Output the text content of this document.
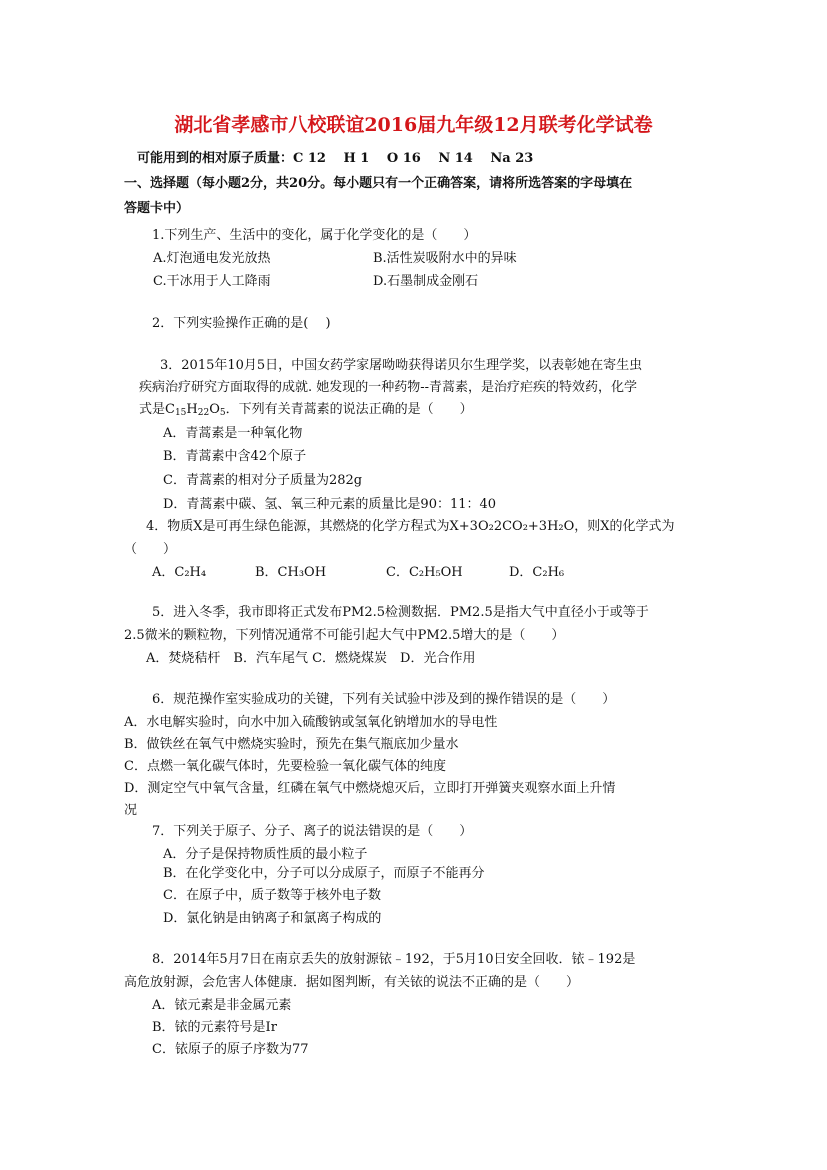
湖北省孝感市八校联谊2016届九年级12月联考化学试卷
可能用到的相对原子质量：C 12　 H 1　 O 16　 N 14　 Na 23
一、选择题（每小题2分，共20分。每小题只有一个正确答案，请将所选答案的字母填在
答题卡中）
1.下列生产、生活中的变化，属于化学变化的是（　　）
A.灯泡通电发光放热	B.活性炭吸附水中的异味
C.干冰用于人工降雨	D.石墨制成金刚石
2．下列实验操作正确的是(　 )
3．2015年10月5日，中国女药学家屠呦呦获得诺贝尔生理学奖，以表彰她在寄生虫
疾病治疗研究方面取得的成就. 她发现的一种药物--青蒿素，是治疗疟疾的特效药，化学
式是$C_{15}H_{22}O_5$．下列有关青蒿素的说法正确的是（　　）
A．青蒿素是一种氧化物
B．青蒿素中含42个原子
C．青蒿素的相对分子质量为282g
D．青蒿素中碳、氢、氧三种元素的质量比是90：11：40
4．物质X是可再生绿色能源，其燃烧的化学方程式为X+3O₂2CO₂+3H₂O，则X的化学式为
（　　）
A．C₂H₄	B．CH₃OH	C．C₂H₅OH	D．C₂H₆
5．进入冬季，我市即将正式发布PM2.5检测数据．PM2.5是指大气中直径小于或等于
2.5微米的颗粒物，下列情况通常不可能引起大气中PM2.5增大的是（　　）
A．焚烧秸杆　B．汽车尾气 C．燃烧煤炭　D．光合作用
6．规范操作室实验成功的关键，下列有关试验中涉及到的操作错误的是（　　）
A．水电解实验时，向水中加入硫酸钠或氢氧化钠增加水的导电性
B．做铁丝在氧气中燃烧实验时，预先在集气瓶底加少量水
C．点燃一氧化碳气体时，先要检验一氧化碳气体的纯度
D．测定空气中氧气含量，红磷在氧气中燃烧熄灭后，立即打开弹簧夹观察水面上升情
况
7．下列关于原子、分子、离子的说法错误的是（　　）
A．分子是保持物质性质的最小粒子
B．在化学变化中，分子可以分成原子，而原子不能再分
C．在原子中，质子数等于核外电子数
D．氯化钠是由钠离子和氯离子构成的
8．2014年5月7日在南京丢失的放射源铱﹣192，于5月10日安全回收．铱﹣192是
高危放射源，会危害人体健康．据如图判断，有关铱的说法不正确的是（　　）
A．铱元素是非金属元素
B．铱的元素符号是Ir
C．铱原子的原子序数为77
